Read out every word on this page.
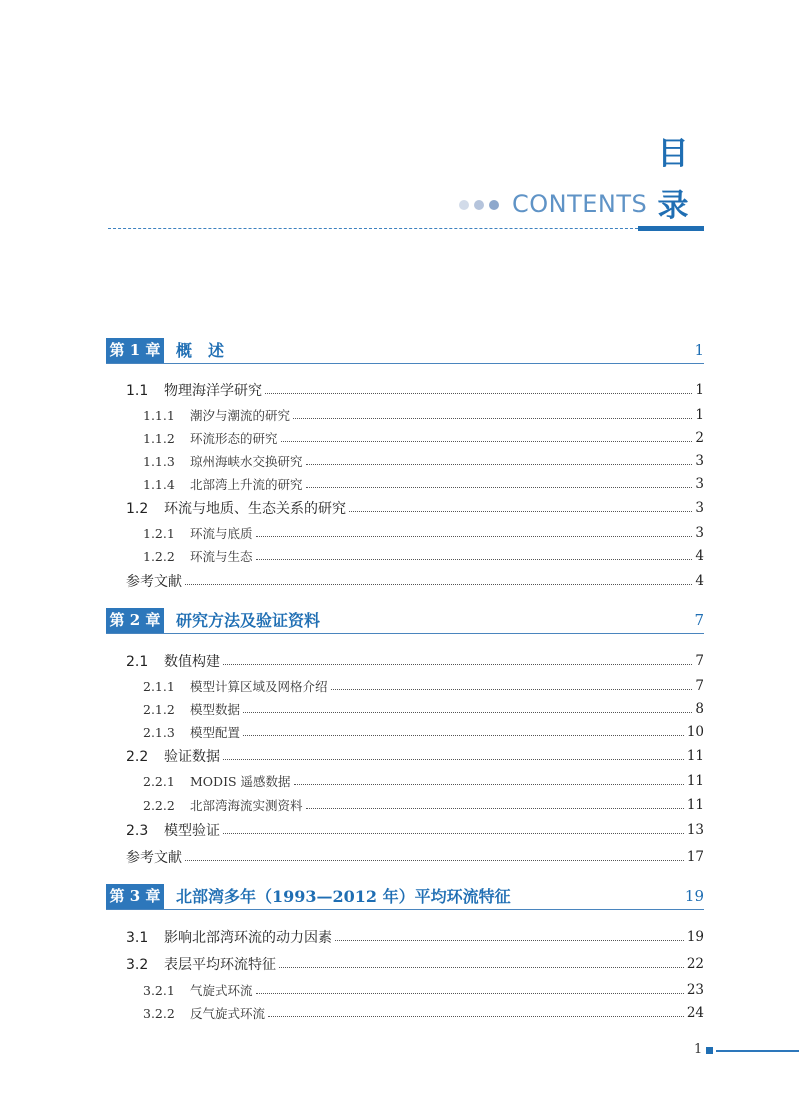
目
CONTENTS 录
第 1 章 概　述	1
1.1 物理海洋学研究	1
1.1.1 潮汐与潮流的研究	1
1.1.2 环流形态的研究	2
1.1.3 琼州海峡水交换研究	3
1.1.4 北部湾上升流的研究	3
1.2 环流与地质、生态关系的研究	3
1.2.1 环流与底质	3
1.2.2 环流与生态	4
参考文献	4
第 2 章 研究方法及验证资料	7
2.1 数值构建	7
2.1.1 模型计算区域及网格介绍	7
2.1.2 模型数据	8
2.1.3 模型配置	10
2.2 验证数据	11
2.2.1 MODIS 遥感数据	11
2.2.2 北部湾海流实测资料	11
2.3 模型验证	13
参考文献	17
第 3 章 北部湾多年（1993—2012 年）平均环流特征	19
3.1 影响北部湾环流的动力因素	19
3.2 表层平均环流特征	22
3.2.1 气旋式环流	23
3.2.2 反气旋式环流	24
1
